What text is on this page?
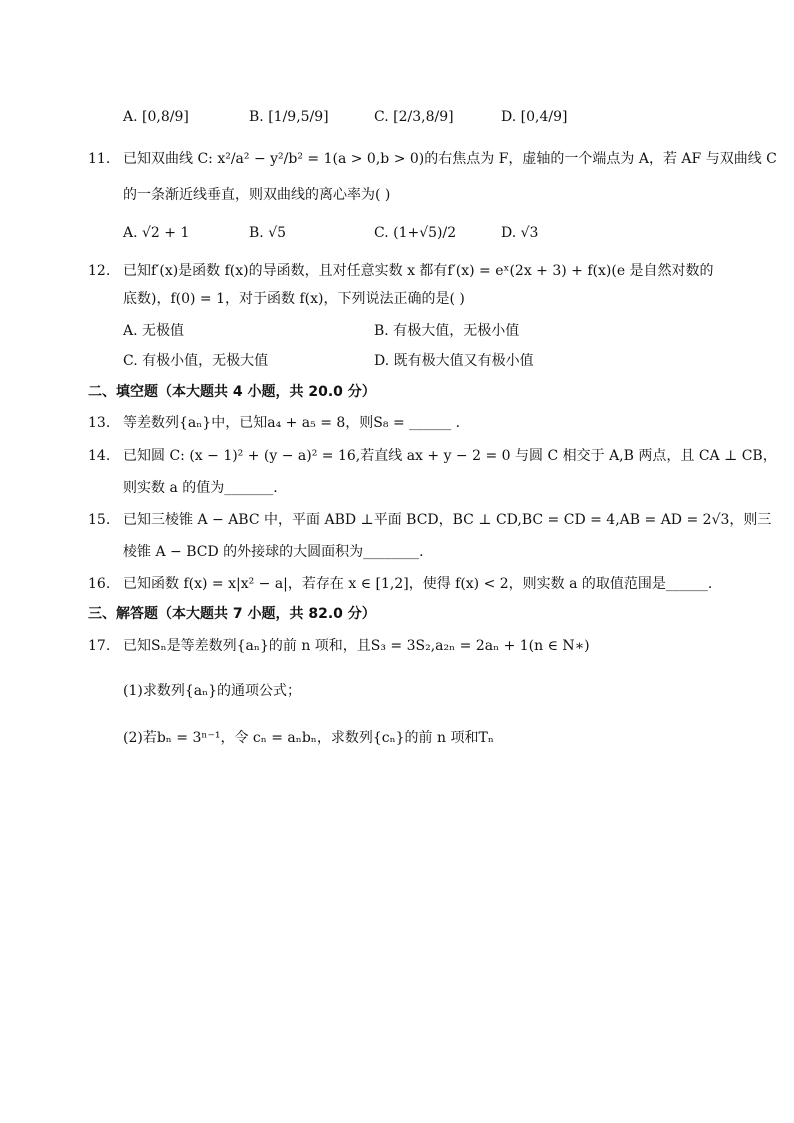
A. [0,8/9]	B. [1/9,5/9]	C. [2/3,8/9]	D. [0,4/9]
11. 已知双曲线 C: x²/a² − y²/b² = 1(a > 0,b > 0)的右焦点为 F，虚轴的一个端点为 A，若 AF 与双曲线 C
的一条渐近线垂直，则双曲线的离心率为( )
A. √2 + 1	B. √5	C. (1+√5)/2	D. √3
12. 已知f′(x)是函数 f(x)的导函数，且对任意实数 x 都有f′(x) = eˣ(2x + 3) + f(x)(e 是自然对数的
底数)，f(0) = 1，对于函数 f(x)，下列说法正确的是( )
A. 无极值	B. 有极大值，无极小值
C. 有极小值，无极大值	D. 既有极大值又有极小值
二、填空题（本大题共 4 小题，共 20.0 分）
13. 等差数列{aₙ}中，已知a₄ + a₅ = 8，则S₈ = ______ .
14. 已知圆 C: (x − 1)² + (y − a)² = 16,若直线 ax + y − 2 = 0 与圆 C 相交于 A,B 两点，且 CA ⊥ CB，
则实数 a 的值为_______.
15. 已知三棱锥 A − ABC 中，平面 ABD ⊥平面 BCD，BC ⊥ CD,BC = CD = 4,AB = AD = 2√3，则三
棱锥 A − BCD 的外接球的大圆面积为________.
16. 已知函数 f(x) = x|x² − a|，若存在 x ∈ [1,2]，使得 f(x) < 2，则实数 a 的取值范围是______.
三、解答题（本大题共 7 小题，共 82.0 分）
17. 已知Sₙ是等差数列{aₙ}的前 n 项和，且S₃ = 3S₂,a₂ₙ = 2aₙ + 1(n ∈ N∗)
(1)求数列{aₙ}的通项公式；
(2)若bₙ = 3ⁿ⁻¹，令 cₙ = aₙbₙ，求数列{cₙ}的前 n 项和Tₙ
